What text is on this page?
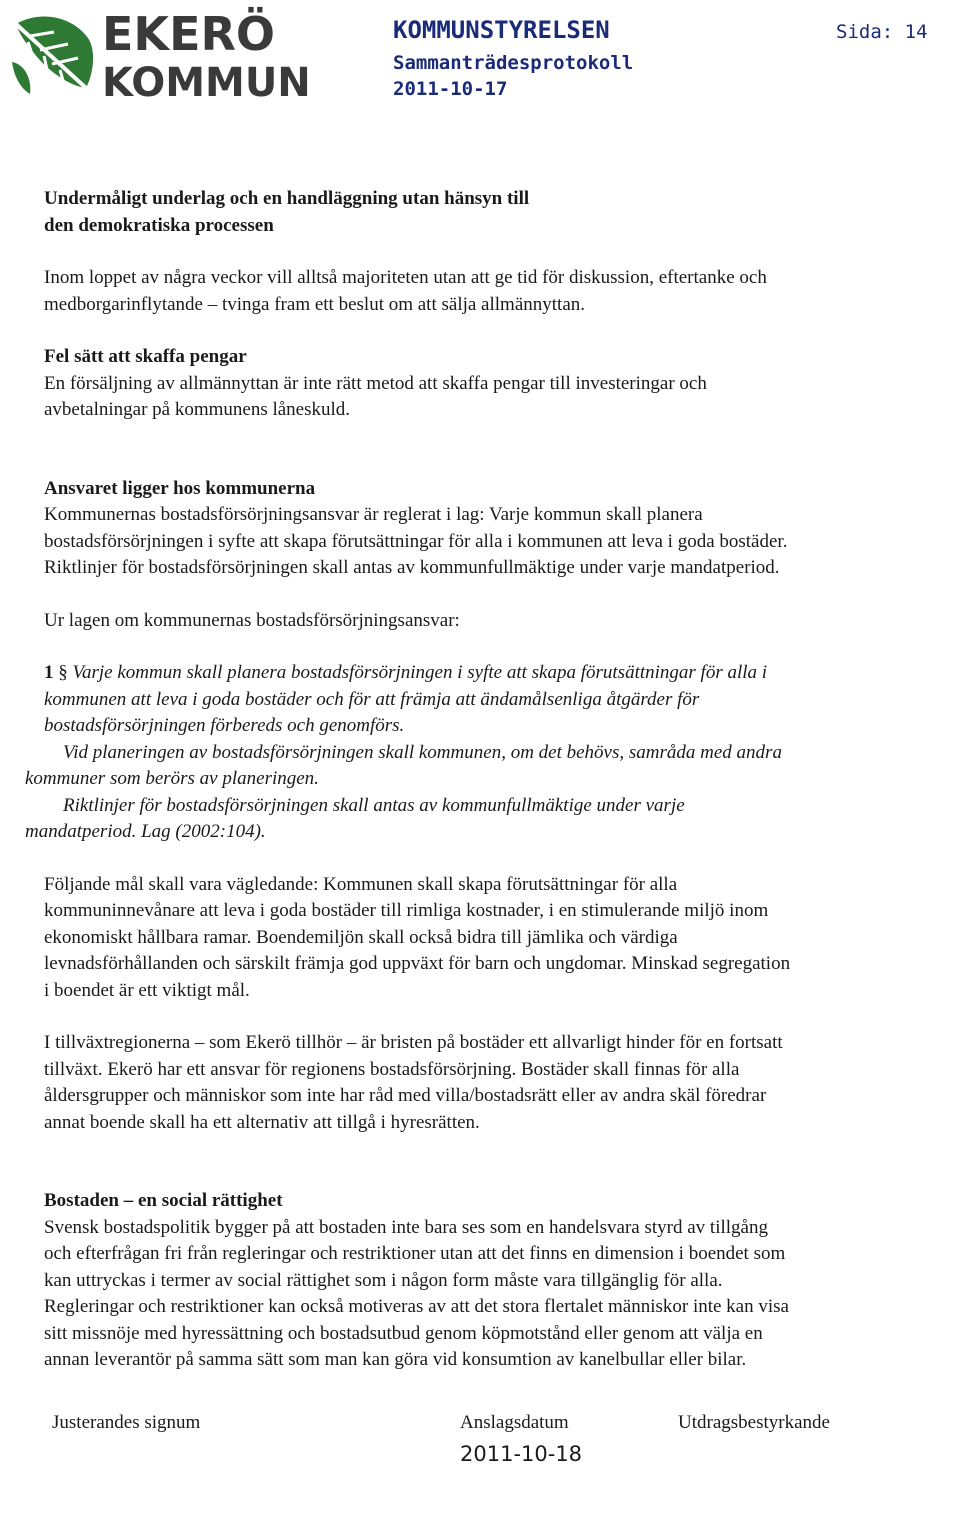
EKERÖ
KOMMUN
KOMMUNSTYRELSEN
Sammanträdesprotokoll
2011-10-17
Sida: 14

Undermåligt underlag och en handläggning utan hänsyn till
den demokratiska processen

Inom loppet av några veckor vill alltså majoriteten utan att ge tid för diskussion, eftertanke och
medborgarinflytande – tvinga fram ett beslut om att sälja allmännyttan.

Fel sätt att skaffa pengar

En försäljning av allmännyttan är inte rätt metod att skaffa pengar till investeringar och
avbetalningar på kommunens låneskuld.

Ansvaret ligger hos kommunerna

Kommunernas bostadsförsörjningsansvar är reglerat i lag: Varje kommun skall planera
bostadsförsörjningen i syfte att skapa förutsättningar för alla i kommunen att leva i goda bostäder.
Riktlinjer för bostadsförsörjningen skall antas av kommunfullmäktige under varje mandatperiod.

Ur lagen om kommunernas bostadsförsörjningsansvar:

1 § Varje kommun skall planera bostadsförsörjningen i syfte att skapa förutsättningar för alla i
kommunen att leva i goda bostäder och för att främja att ändamålsenliga åtgärder för
bostadsförsörjningen förbereds och genomförs.

Vid planeringen av bostadsförsörjningen skall kommunen, om det behövs, samråda med andra
kommuner som berörs av planeringen.

Riktlinjer för bostadsförsörjningen skall antas av kommunfullmäktige under varje
mandatperiod. Lag (2002:104).

Följande mål skall vara vägledande: Kommunen skall skapa förutsättningar för alla
kommuninnevånare att leva i goda bostäder till rimliga kostnader, i en stimulerande miljö inom
ekonomiskt hållbara ramar. Boendemiljön skall också bidra till jämlika och värdiga
levnadsförhållanden och särskilt främja god uppväxt för barn och ungdomar. Minskad segregation
i boendet är ett viktigt mål.

I tillväxtregionerna – som Ekerö tillhör – är bristen på bostäder ett allvarligt hinder för en fortsatt
tillväxt. Ekerö har ett ansvar för regionens bostadsförsörjning. Bostäder skall finnas för alla
åldersgrupper och människor som inte har råd med villa/bostadsrätt eller av andra skäl föredrar
annat boende skall ha ett alternativ att tillgå i hyresrätten.

Bostaden – en social rättighet

Svensk bostadspolitik bygger på att bostaden inte bara ses som en handelsvara styrd av tillgång
och efterfrågan fri från regleringar och restriktioner utan att det finns en dimension i boendet som
kan uttryckas i termer av social rättighet som i någon form måste vara tillgänglig för alla.
Regleringar och restriktioner kan också motiveras av att det stora flertalet människor inte kan visa
sitt missnöje med hyressättning och bostadsutbud genom köpmotstånd eller genom att välja en
annan leverantör på samma sätt som man kan göra vid konsumtion av kanelbullar eller bilar.

Justerandes signum	Anslagsdatum	Utdragsbestyrkande
2011-10-18
